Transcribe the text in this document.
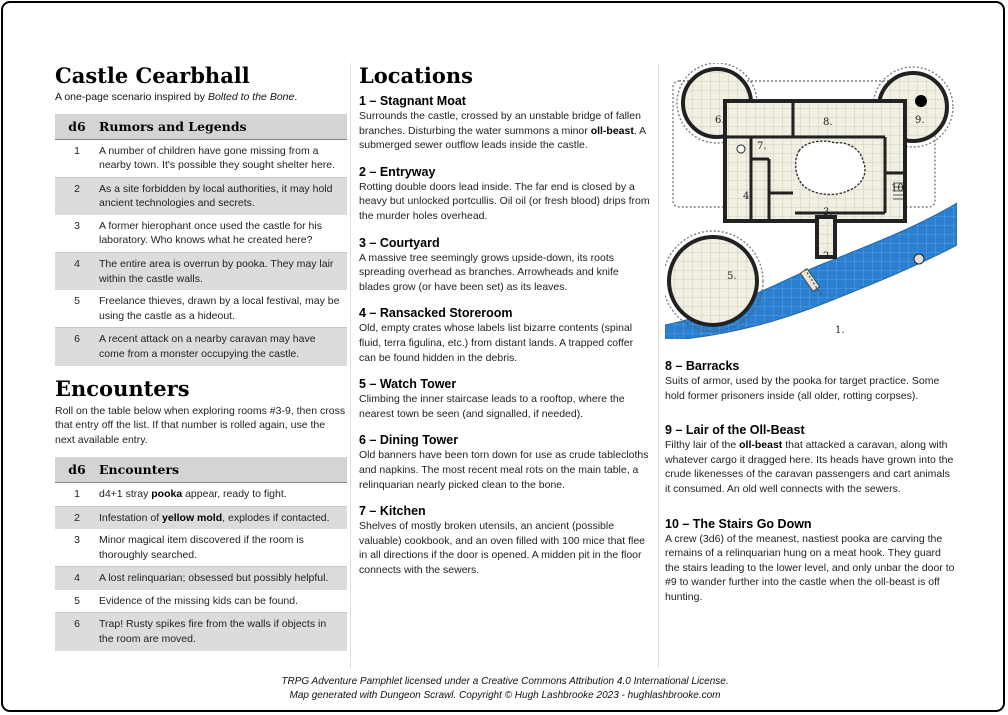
Castle Cearbhall
A one-page scenario inspired by Bolted to the Bone.
d6	Rumors and Legends
1	A number of children have gone missing from a nearby town. It's possible they sought shelter here.
2	As a site forbidden by local authorities, it may hold ancient technologies and secrets.
3	A former hierophant once used the castle for his laboratory. Who knows what he created here?
4	The entire area is overrun by pooka. They may lair within the castle walls.
5	Freelance thieves, drawn by a local festival, may be using the castle as a hideout.
6	A recent attack on a nearby caravan may have come from a monster occupying the castle.
Encounters

Roll on the table below when exploring rooms #3-9, then cross that entry off the list. If that number is rolled again, use the next available entry.

d6	Encounters
1	d4+1 stray pooka appear, ready to fight.
2	Infestation of yellow mold, explodes if contacted.
3	Minor magical item discovered if the room is thoroughly searched.
4	A lost relinquarian; obsessed but possibly helpful.
5	Evidence of the missing kids can be found.
6	Trap! Rusty spikes fire from the walls if objects in the room are moved.
Locations
1 – Stagnant Moat

Surrounds the castle, crossed by an unstable bridge of fallen branches. Disturbing the water summons a minor oll-beast. A submerged sewer outflow leads inside the castle.

2 – Entryway

Rotting double doors lead inside. The far end is closed by a heavy but unlocked portcullis. Oil oil (or fresh blood) drips from the murder holes overhead.

3 – Courtyard

A massive tree seemingly grows upside-down, its roots spreading overhead as branches. Arrowheads and knife blades grow (or have been set) as its leaves.

4 – Ransacked Storeroom

Old, empty crates whose labels list bizarre contents (spinal fluid, terra figulina, etc.) from distant lands. A trapped coffer can be found hidden in the debris.

5 – Watch Tower

Climbing the inner staircase leads to a rooftop, where the nearest town be seen (and signalled, if needed).

6 – Dining Tower

Old banners have been torn down for use as crude tablecloths and napkins. The most recent meal rots on the main table, a relinquarian nearly picked clean to the bone.

7 – Kitchen

Shelves of mostly broken utensils, an ancient (possible valuable) cookbook, and an oven filled with 100 mice that flee in all directions if the door is opened. A midden pit in the floor connects with the sewers.

6.
7.
8.	9.
4.
3.
10.
2.
5.
1.
8 – Barracks

Suits of armor, used by the pooka for target practice. Some hold former prisoners inside (all older, rotting corpses).

9 – Lair of the Oll-Beast

Filthy lair of the oll-beast that attacked a caravan, along with whatever cargo it dragged here. Its heads have grown into the crude likenesses of the caravan passengers and cart animals it consumed. An old well connects with the sewers.

10 – The Stairs Go Down

A crew (3d6) of the meanest, nastiest pooka are carving the remains of a relinquarian hung on a meat hook. They guard the stairs leading to the lower level, and only unbar the door to #9 to wander further into the castle when the oll-beast is off hunting.

TRPG Adventure Pamphlet licensed under a Creative Commons Attribution 4.0 International License.
Map generated with Dungeon Scrawl. Copyright © Hugh Lashbrooke 2023 - hughlashbrooke.com
